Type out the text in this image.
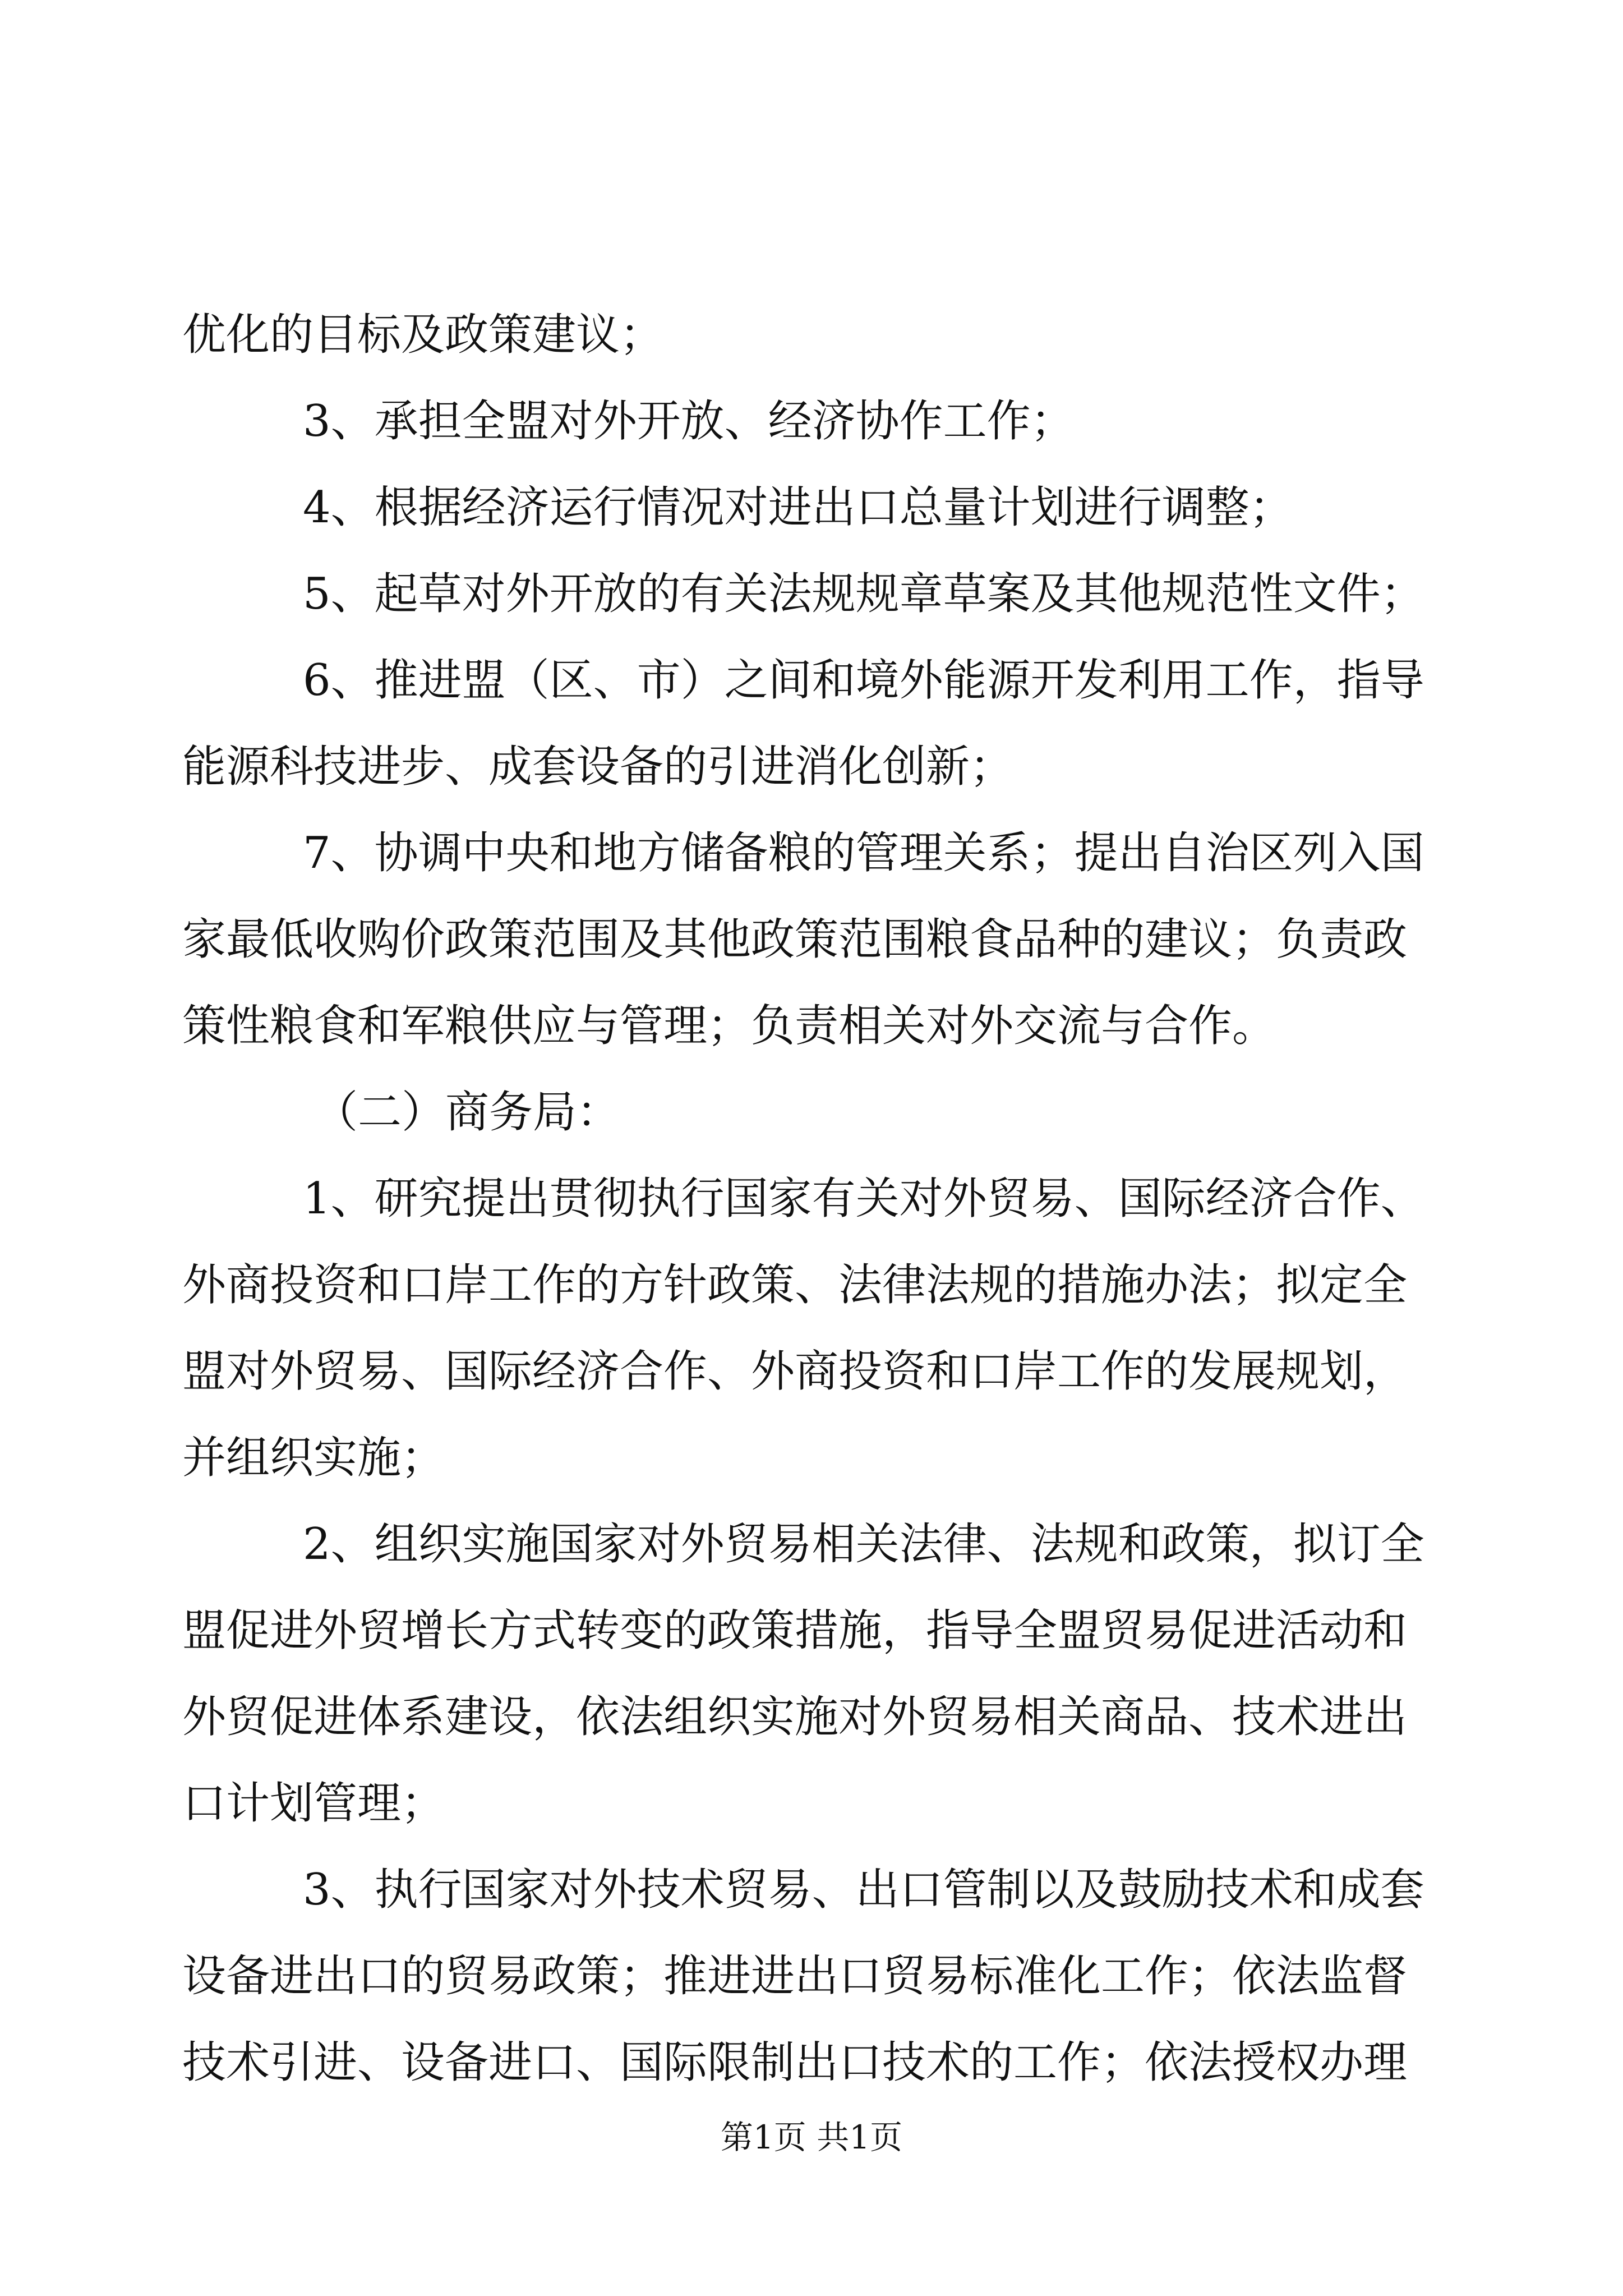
优化的目标及政策建议；
3、承担全盟对外开放、经济协作工作；
4、根据经济运行情况对进出口总量计划进行调整；
5、起草对外开放的有关法规规章草案及其他规范性文件；
6、推进盟（区、市）之间和境外能源开发利用工作，指导
能源科技进步、成套设备的引进消化创新；
7、协调中央和地方储备粮的管理关系；提出自治区列入国
家最低收购价政策范围及其他政策范围粮食品种的建议；负责政
策性粮食和军粮供应与管理；负责相关对外交流与合作。
（二）商务局：
1、研究提出贯彻执行国家有关对外贸易、国际经济合作、
外商投资和口岸工作的方针政策、法律法规的措施办法；拟定全
盟对外贸易、国际经济合作、外商投资和口岸工作的发展规划，
并组织实施；
2、组织实施国家对外贸易相关法律、法规和政策，拟订全
盟促进外贸增长方式转变的政策措施，指导全盟贸易促进活动和
外贸促进体系建设，依法组织实施对外贸易相关商品、技术进出
口计划管理；
3、执行国家对外技术贸易、出口管制以及鼓励技术和成套
设备进出口的贸易政策；推进进出口贸易标准化工作；依法监督
技术引进、设备进口、国际限制出口技术的工作；依法授权办理
第1页 共1页
